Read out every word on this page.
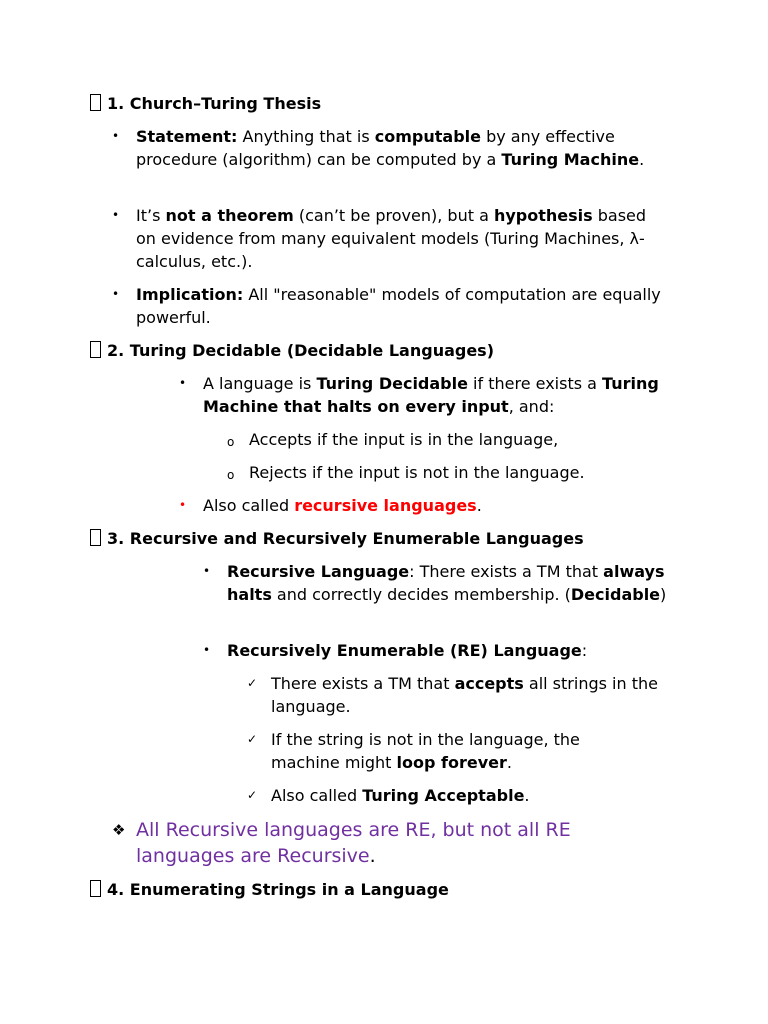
1. Church–Turing Thesis
• Statement: Anything that is computable by any effective procedure (algorithm) can be computed by a Turing Machine.
• It’s not a theorem (can’t be proven), but a hypothesis based on evidence from many equivalent models (Turing Machines, λ-calculus, etc.).
• Implication: All "reasonable" models of computation are equally powerful.
2. Turing Decidable (Decidable Languages)
• A language is Turing Decidable if there exists a Turing Machine that halts on every input, and:
o Accepts if the input is in the language,
o Rejects if the input is not in the language.
• Also called recursive languages.
3. Recursive and Recursively Enumerable Languages
• Recursive Language: There exists a TM that always halts and correctly decides membership. (Decidable)
• Recursively Enumerable (RE) Language:
✓ There exists a TM that accepts all strings in the language.
✓ If the string is not in the language, the machine might loop forever.
✓ Also called Turing Acceptable.
❖ All Recursive languages are RE, but not all RE languages are Recursive.
4. Enumerating Strings in a Language
